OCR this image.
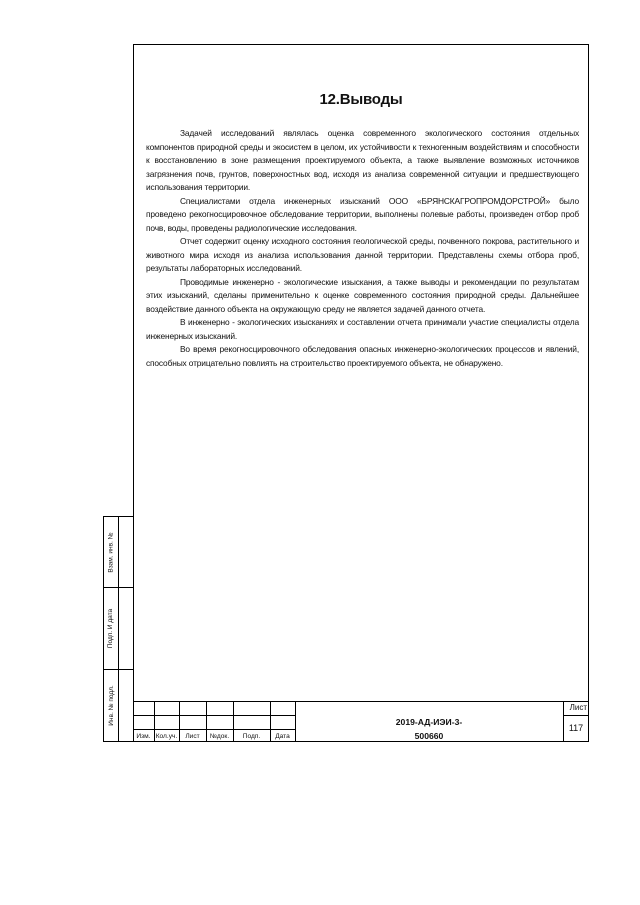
12.Выводы

Задачей исследований являлась оценка современного экологического состояния отдельных компонентов природной среды и экосистем в целом, их устойчивости к техногенным воздействиям и способности к восстановлению в зоне размещения проектируемого объекта, а также выявление возможных источников загрязнения почв, грунтов, поверхностных вод, исходя из анализа современной ситуации и предшествующего использования территории.

Специалистами отдела инженерных изысканий ООО «БРЯНСКАГРОПРОМДОРСТРОЙ» было проведено рекогносцировочное обследование территории, выполнены полевые работы, произведен отбор проб почв, воды, проведены радиологические исследования.

Отчет содержит оценку исходного состояния геологической среды, почвенного покрова, растительного и животного мира исходя из анализа использования данной территории. Представлены схемы отбора проб, результаты лабораторных исследований.

Проводимые инженерно - экологические изыскания, а также выводы и рекомендации по результатам этих изысканий, сделаны применительно к оценке современного состояния природной среды. Дальнейшее воздействие данного объекта на окружающую среду не является задачей данного отчета.

В инженерно - экологических изысканиях и составлении отчета принимали участие специалисты отдела инженерных изысканий.

Во время рекогносцировочного обследования опасных инженерно-экологических процессов и явлений, способных отрицательно повлиять на строительство проектируемого объекта, не обнаружено.

Взам. инв. №
Подп. И дата
Инв. № подл.
Изм. Кол.уч.	Лист	№док.	Подп.	Дата
2019-АД-ИЭИ-3-
500660
Лист
117
